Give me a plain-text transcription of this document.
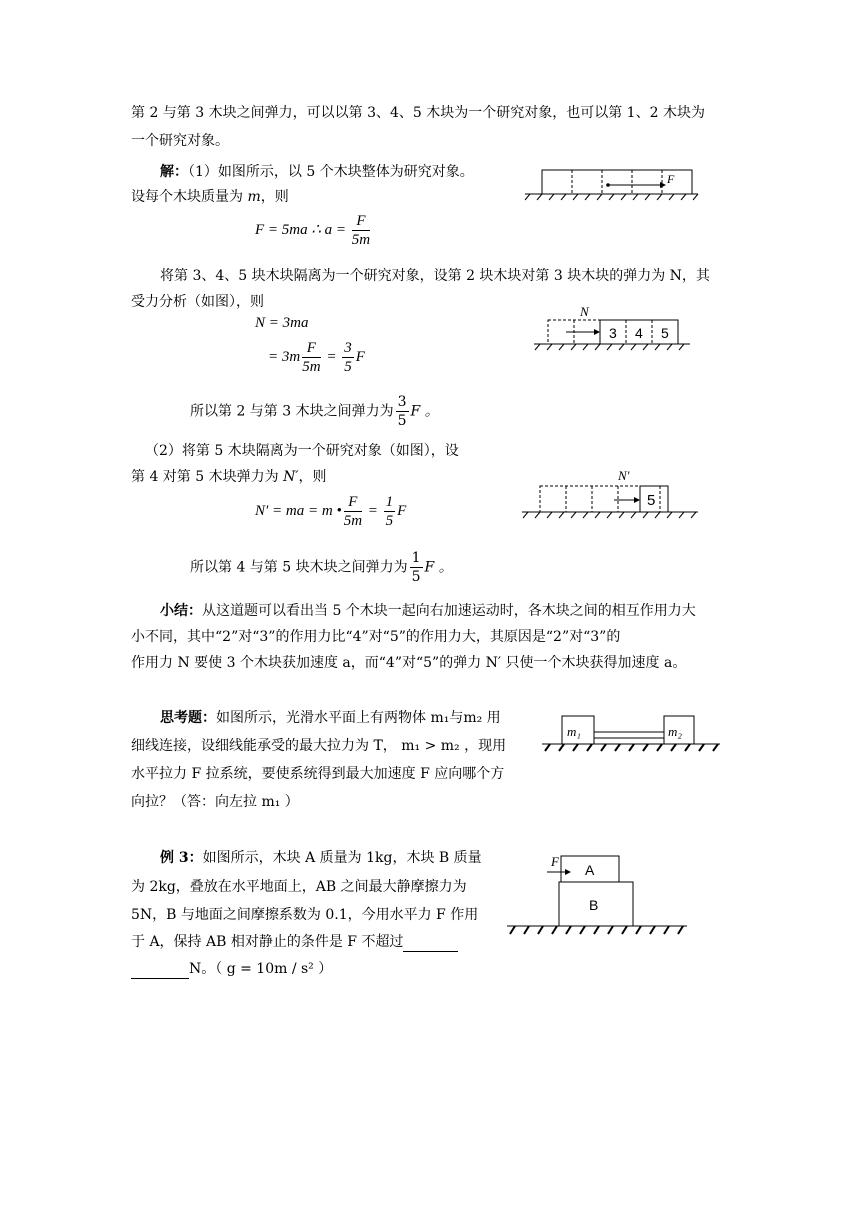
第 2 与第 3 木块之间弹力，可以以第 3、4、5 木块为一个研究对象，也可以第 1、2 木块为
一个研究对象。
解：（1）如图所示，以 5 个木块整体为研究对象。
设每个木块质量为 m，则
F = 5ma ∴ $a = \frac{F}{5m}$
将第 3、4、5 块木块隔离为一个研究对象，设第 2 块木块对第 3 块木块的弹力为 N，其
受力分析（如图），则
N = 3ma
= $3m \frac{F}{5m} = \frac{3}{5}$ F
所以第 2 与第 3 木块之间弹力为 $\frac{3}{5}$ F 。
（2）将第 5 木块隔离为一个研究对象（如图），设
第 4 对第 5 木块弹力为 N′，则
N′ = ma = m • $\frac{F}{5m} = \frac{1}{5}$ F
所以第 4 与第 5 块木块之间弹力为 $\frac{1}{5}$ F 。
小结：从这道题可以看出当 5 个木块一起向右加速运动时，各木块之间的相互作用力大
小不同，其中“2”对“3”的作用力比“4”对“5”的作用力大，其原因是“2”对“3”的
作用力 N 要使 3 个木块获加速度 a，而“4”对“5”的弹力 N′ 只使一个木块获得加速度 a。
思考题：如图所示，光滑水平面上有两物体 m₁与m₂ 用
细线连接，设细线能承受的最大拉力为 T， m₁ > m₂ ，现用
水平拉力 F 拉系统，要使系统得到最大加速度 F 应向哪个方
向拉？（答：向左拉 m₁ ）
例 3：如图所示，木块 A 质量为 1kg，木块 B 质量
为 2kg，叠放在水平地面上，AB 之间最大静摩擦力为
5N，B 与地面之间摩擦系数为 0.1，今用水平力 F 作用
于 A，保持 AB 相对静止的条件是 F 不超过
N。（ g = 10m / s² ）
F
N
3 4 5
N′
5
m₁	m₂
F
A
B
